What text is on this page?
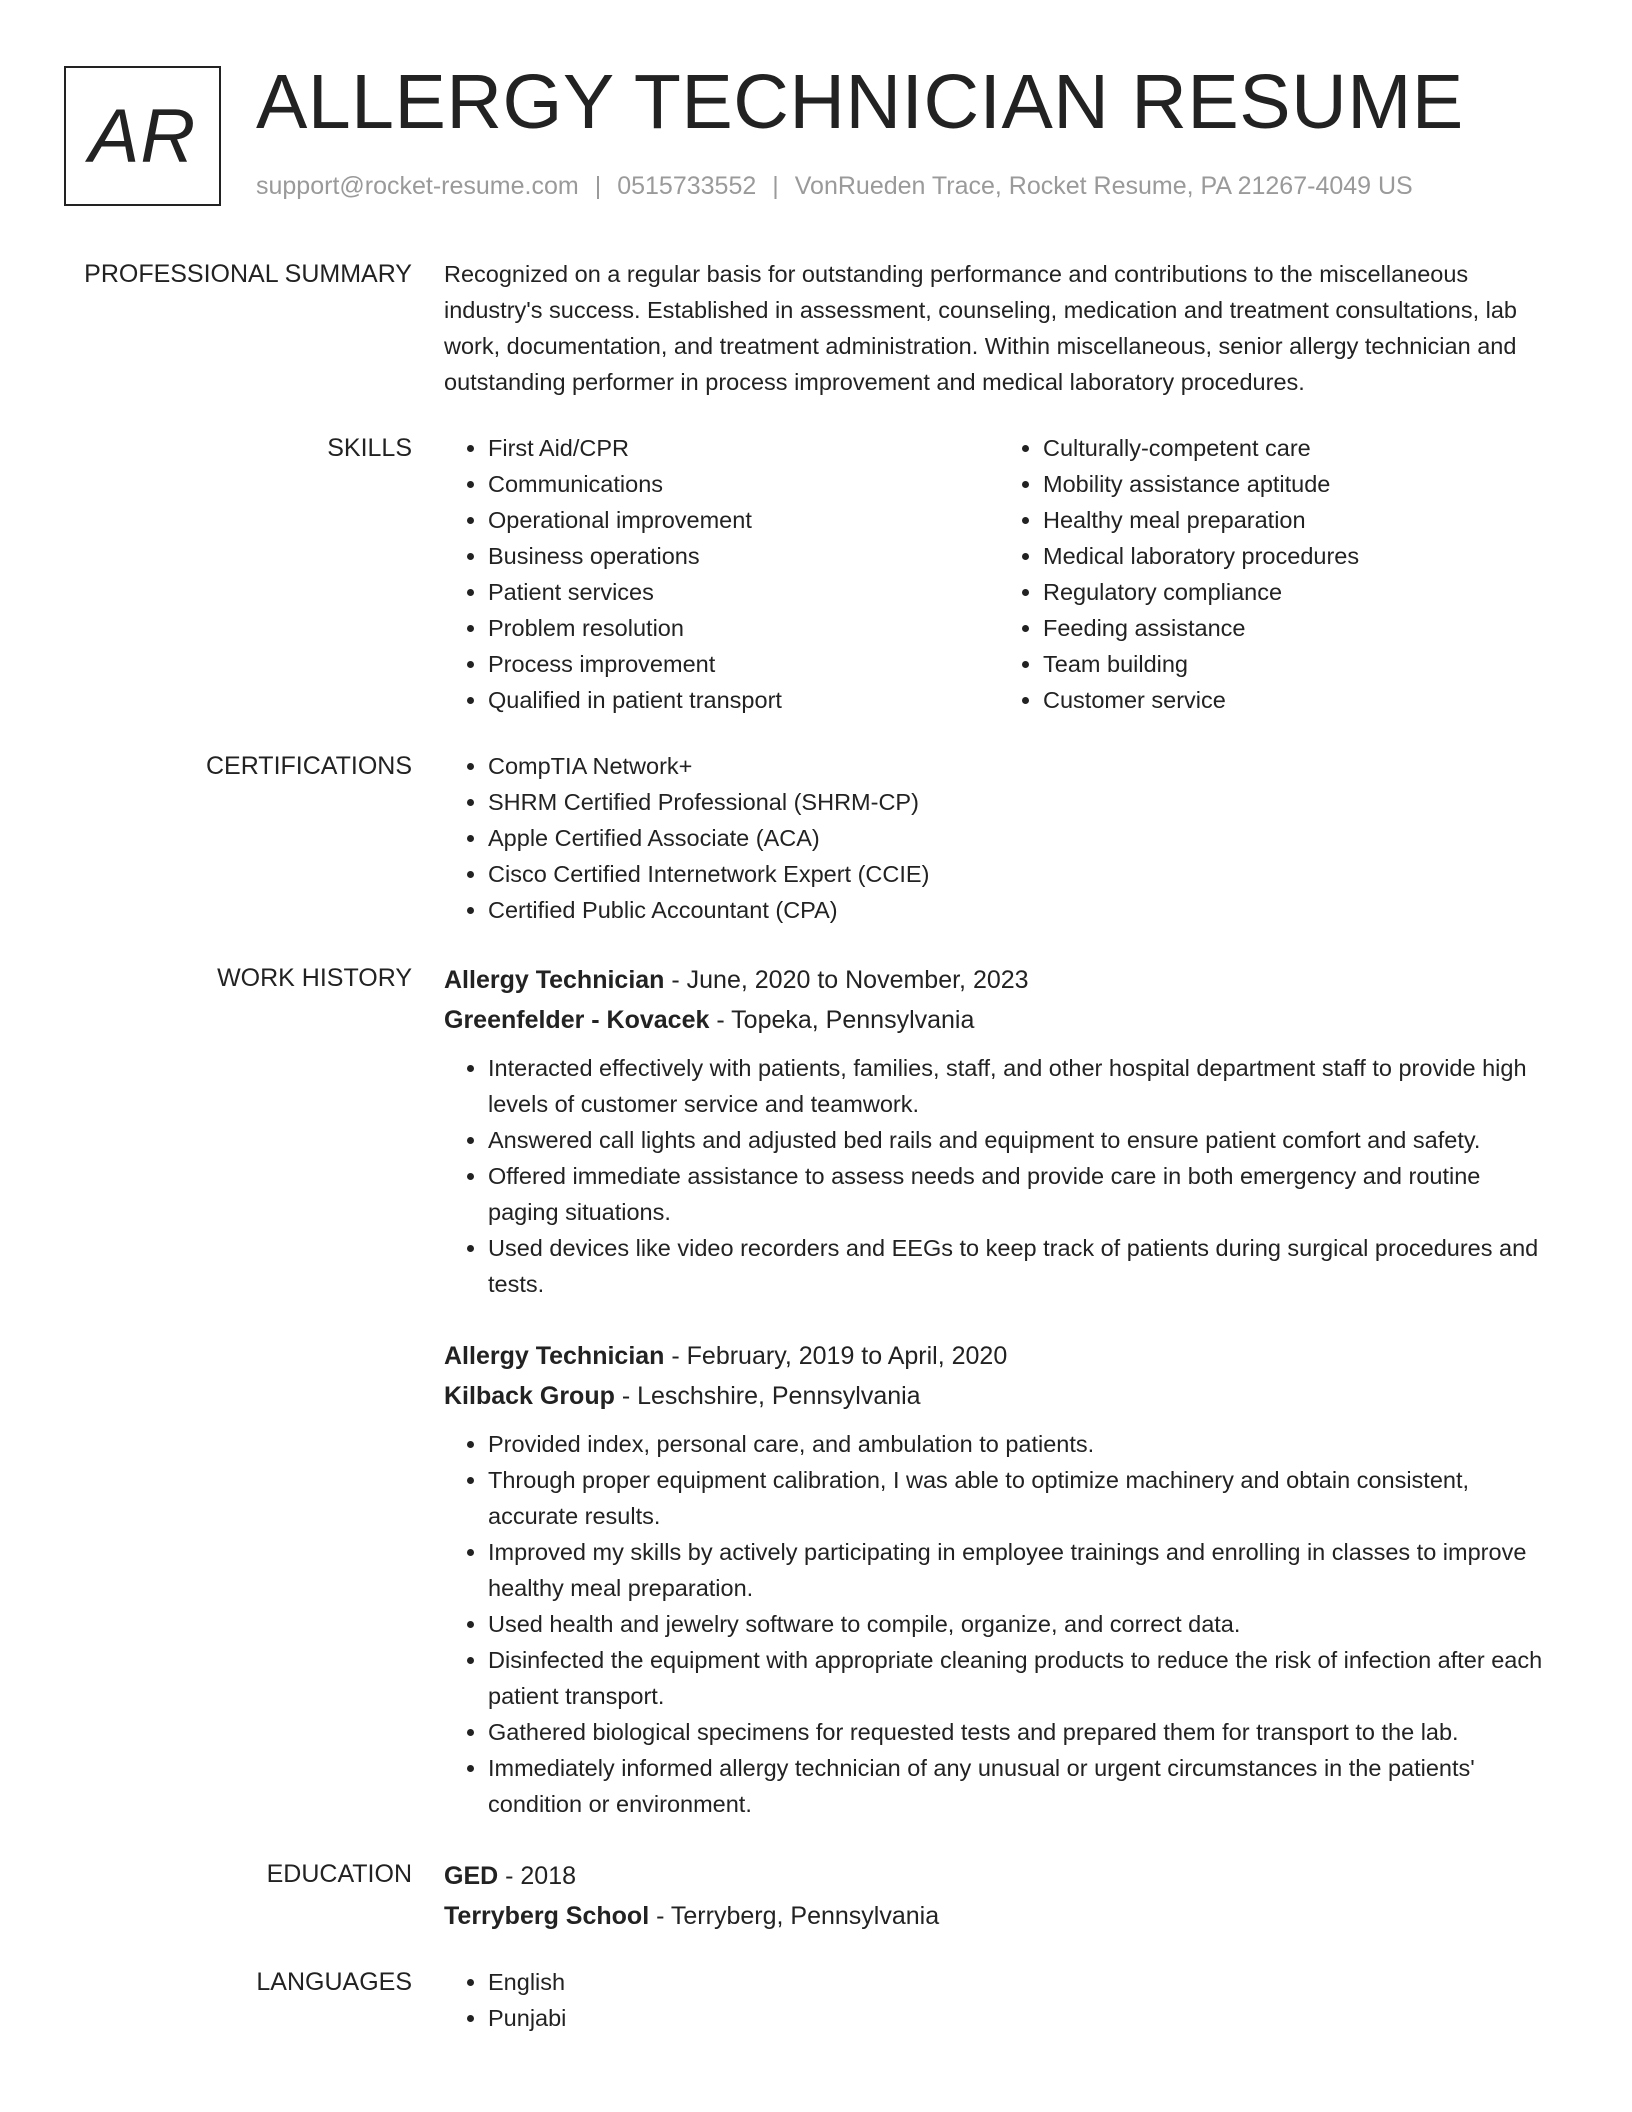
AR ALLERGY TECHNICIAN RESUME
support@rocket-resume.com | 0515733552 | VonRueden Trace, Rocket Resume, PA 21267-4049 US
PROFESSIONAL SUMMARY Recognized on a regular basis for outstanding performance and contributions to the miscellaneous industry's success. Established in assessment, counseling, medication and treatment consultations, lab work, documentation, and treatment administration. Within miscellaneous, senior allergy technician and outstanding performer in process improvement and medical laboratory procedures.

SKILLS	• First Aid/CPR
• Communications
• Operational improvement
• Business operations
• Patient services
• Problem resolution
• Process improvement
• Qualified in patient transport
• Culturally-competent care
• Mobility assistance aptitude
• Healthy meal preparation
• Medical laboratory procedures
• Regulatory compliance
• Feeding assistance
• Team building
• Customer service
CERTIFICATIONS	• CompTIA Network+
• SHRM Certified Professional (SHRM-CP)
• Apple Certified Associate (ACA)
• Cisco Certified Internetwork Expert (CCIE)
• Certified Public Accountant (CPA)
WORK HISTORY Allergy Technician - June, 2020 to November, 2023
Greenfelder - Kovacek - Topeka, Pennsylvania
• Interacted effectively with patients, families, staff, and other hospital department staff to provide high levels of customer service and teamwork.
• Answered call lights and adjusted bed rails and equipment to ensure patient comfort and safety.
• Offered immediate assistance to assess needs and provide care in both emergency and routine paging situations.
• Used devices like video recorders and EEGs to keep track of patients during surgical procedures and tests.
Allergy Technician - February, 2019 to April, 2020
Kilback Group - Leschshire, Pennsylvania
• Provided index, personal care, and ambulation to patients.
• Through proper equipment calibration, I was able to optimize machinery and obtain consistent, accurate results.
• Improved my skills by actively participating in employee trainings and enrolling in classes to improve healthy meal preparation.
• Used health and jewelry software to compile, organize, and correct data.
• Disinfected the equipment with appropriate cleaning products to reduce the risk of infection after each patient transport.
• Gathered biological specimens for requested tests and prepared them for transport to the lab.
• Immediately informed allergy technician of any unusual or urgent circumstances in the patients' condition or environment.
EDUCATION GED - 2018
Terryberg School - Terryberg, Pennsylvania
LANGUAGES	• English
• Punjabi
